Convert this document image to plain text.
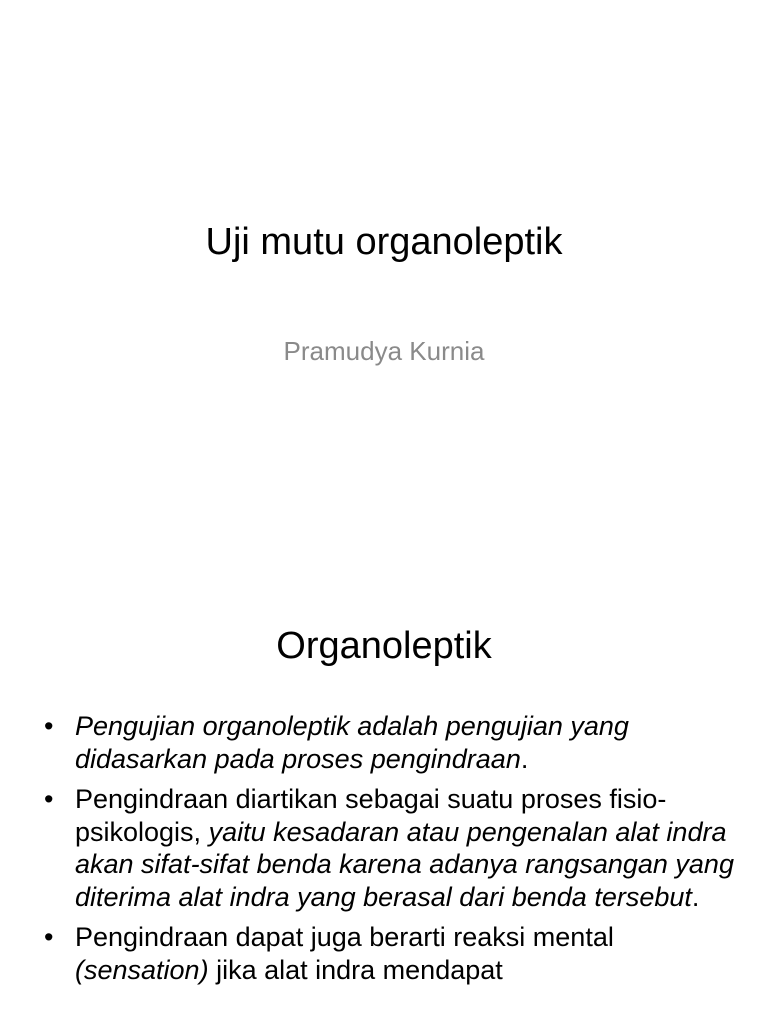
Uji mutu organoleptik
Pramudya Kurnia
Organoleptik
• Pengujian organoleptik adalah pengujian yang didasarkan pada proses pengindraan.
• Pengindraan diartikan sebagai suatu proses fisio-psikologis, yaitu kesadaran atau pengenalan alat indra akan sifat-sifat benda karena adanya rangsangan yang diterima alat indra yang berasal dari benda tersebut.
• Pengindraan dapat juga berarti reaksi mental (sensation) jika alat indra mendapat
